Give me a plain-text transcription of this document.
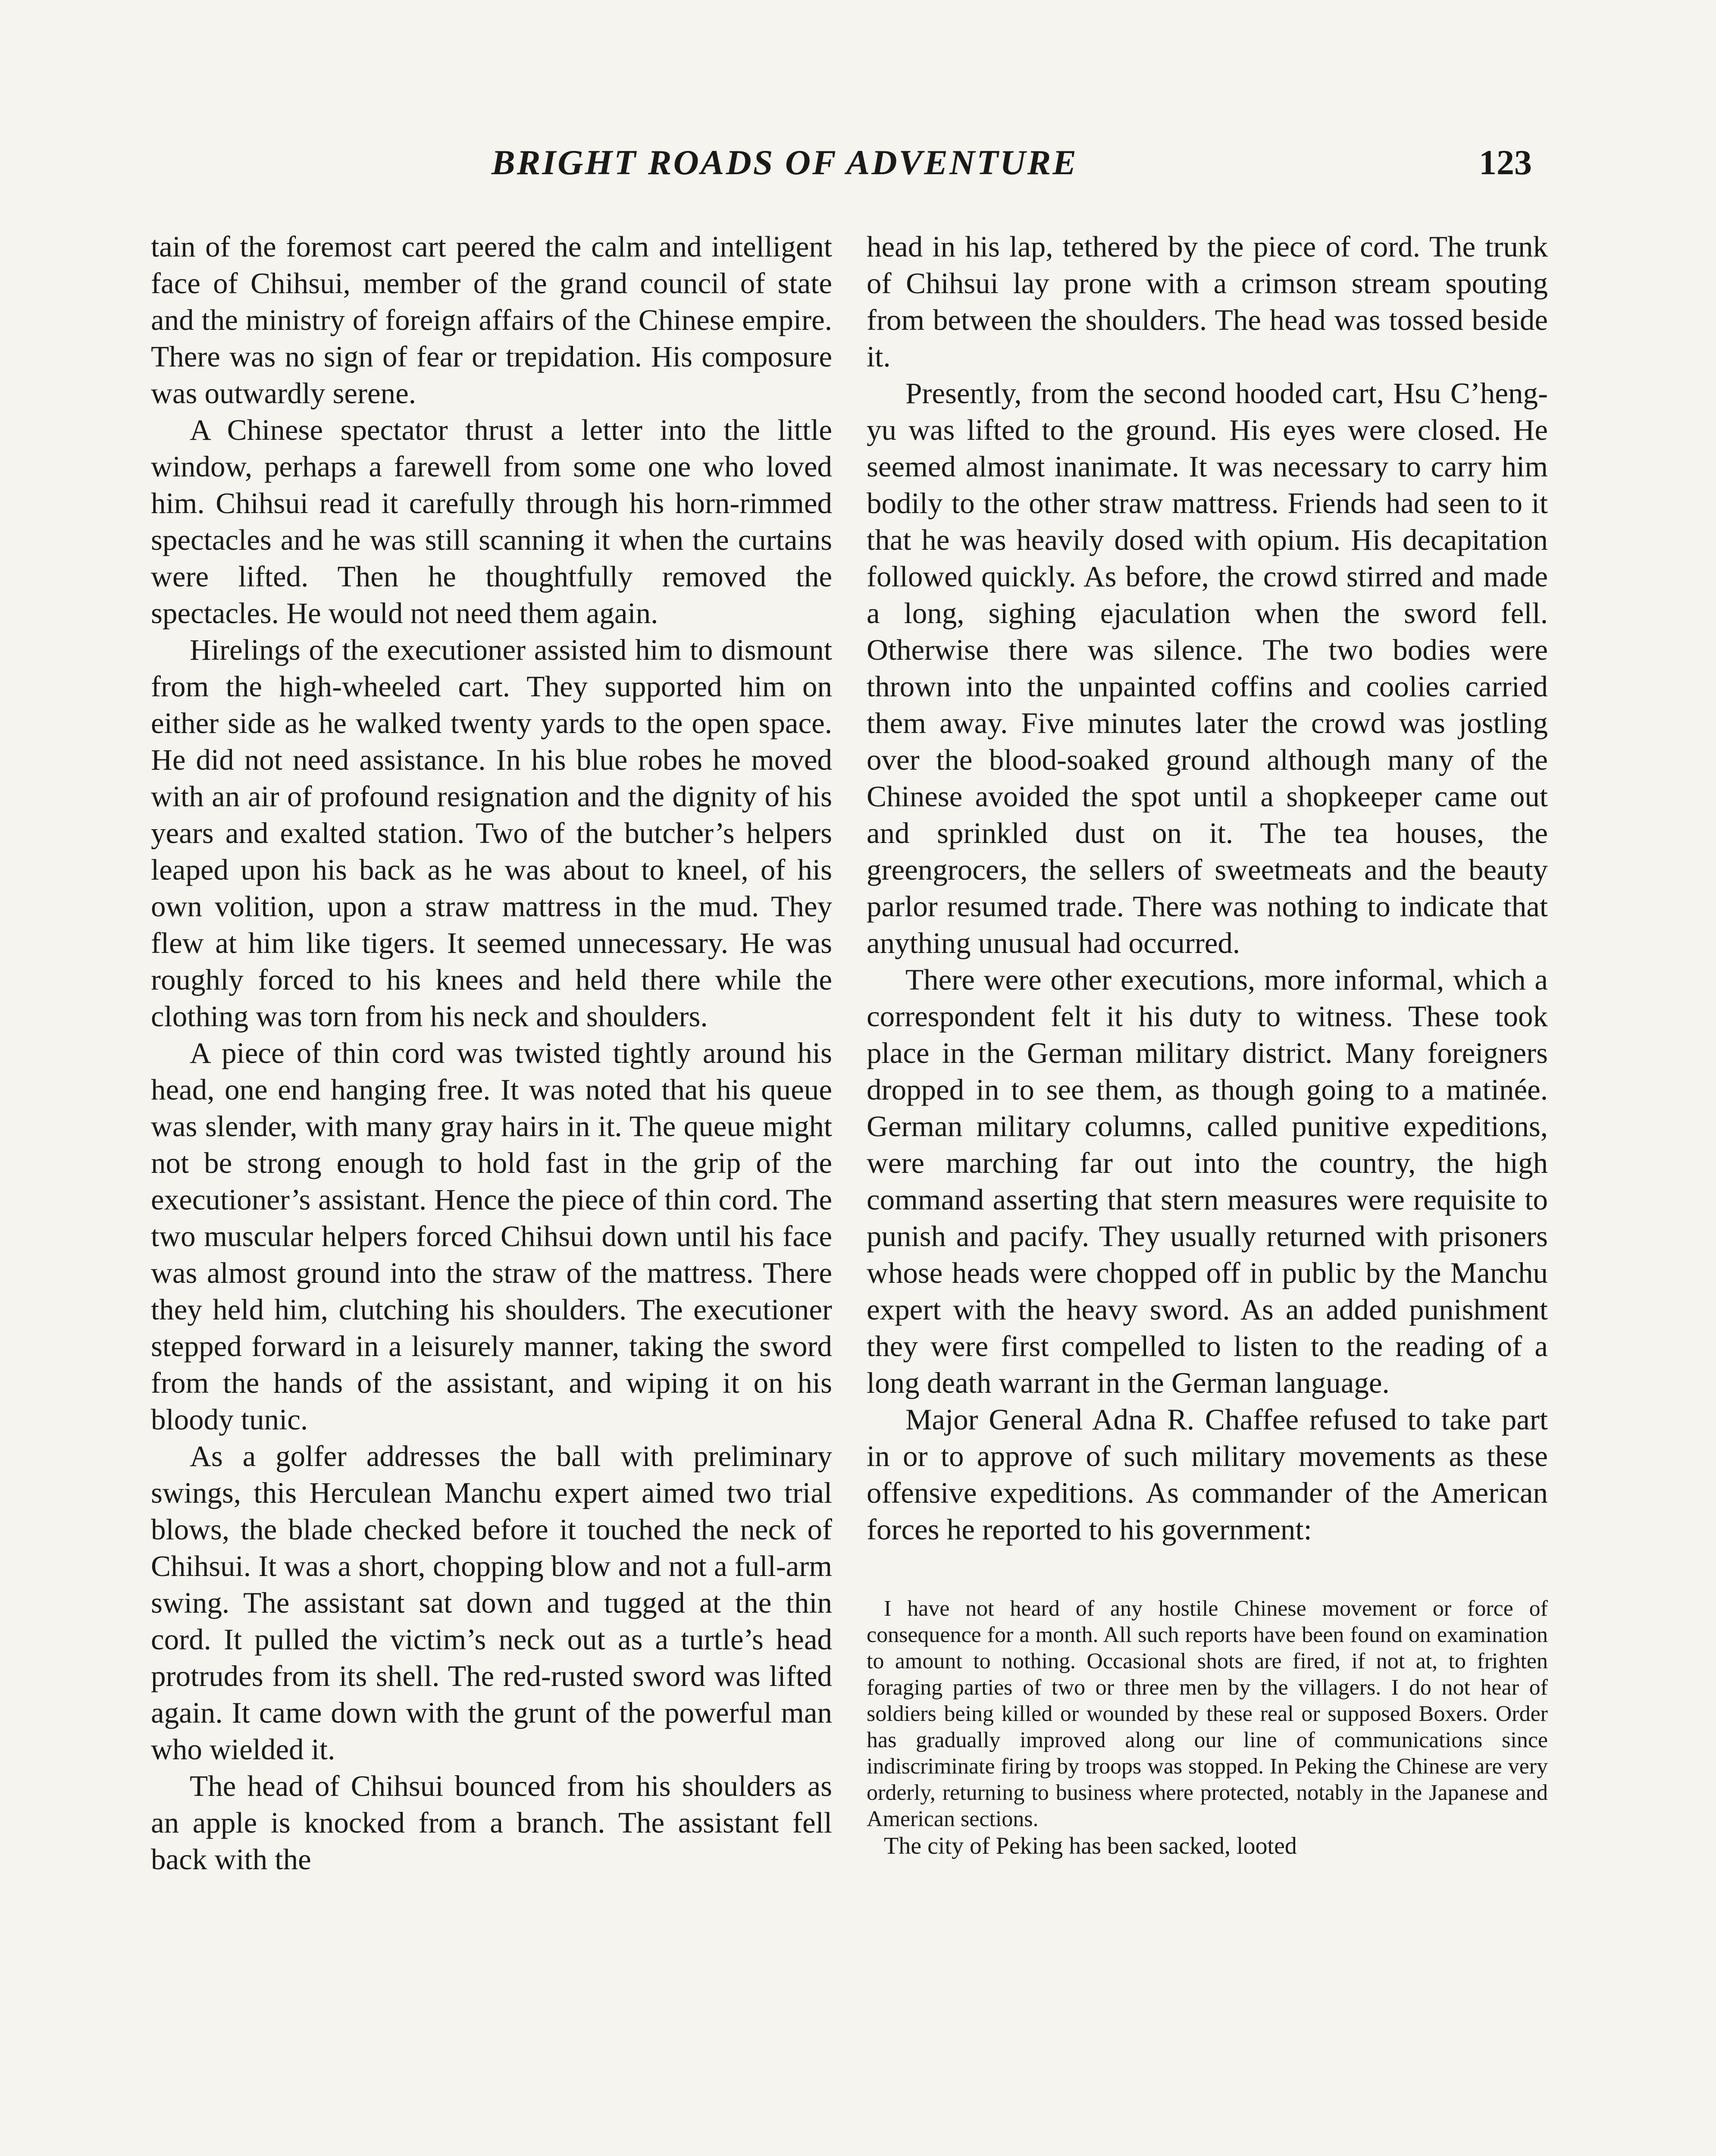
BRIGHT ROADS OF ADVENTURE	123

tain of the foremost cart peered the calm and intelligent face of Chihsui, member of the grand council of state and the ministry of foreign affairs of the Chinese empire. There was no sign of fear or trepidation. His composure was outwardly serene.

A Chinese spectator thrust a letter into the little window, perhaps a farewell from some one who loved him. Chihsui read it carefully through his horn-rimmed spectacles and he was still scanning it when the curtains were lifted. Then he thoughtfully removed the spectacles. He would not need them again.

Hirelings of the executioner assisted him to dismount from the high-wheeled cart. They supported him on either side as he walked twenty yards to the open space. He did not need assistance. In his blue robes he moved with an air of profound resignation and the dignity of his years and exalted station. Two of the butcher’s helpers leaped upon his back as he was about to kneel, of his own volition, upon a straw mattress in the mud. They flew at him like tigers. It seemed unnecessary. He was roughly forced to his knees and held there while the clothing was torn from his neck and shoulders.

A piece of thin cord was twisted tightly around his head, one end hanging free. It was noted that his queue was slender, with many gray hairs in it. The queue might not be strong enough to hold fast in the grip of the executioner’s assistant. Hence the piece of thin cord. The two muscular helpers forced Chihsui down until his face was almost ground into the straw of the mattress. There they held him, clutching his shoulders. The executioner stepped forward in a leisurely manner, taking the sword from the hands of the assistant, and wiping it on his bloody tunic.

As a golfer addresses the ball with preliminary swings, this Herculean Manchu expert aimed two trial blows, the blade checked before it touched the neck of Chihsui. It was a short, chopping blow and not a full-arm swing. The assistant sat down and tugged at the thin cord. It pulled the victim’s neck out as a turtle’s head protrudes from its shell. The red-rusted sword was lifted again. It came down with the grunt of the powerful man who wielded it.

The head of Chihsui bounced from his shoulders as an apple is knocked from a branch. The assistant fell back with the

head in his lap, tethered by the piece of cord. The trunk of Chihsui lay prone with a crimson stream spouting from between the shoulders. The head was tossed beside it.

Presently, from the second hooded cart, Hsu C’heng-yu was lifted to the ground. His eyes were closed. He seemed almost inanimate. It was necessary to carry him bodily to the other straw mattress. Friends had seen to it that he was heavily dosed with opium. His decapitation followed quickly. As before, the crowd stirred and made a long, sighing ejaculation when the sword fell. Otherwise there was silence. The two bodies were thrown into the unpainted coffins and coolies carried them away. Five minutes later the crowd was jostling over the blood-soaked ground although many of the Chinese avoided the spot until a shopkeeper came out and sprinkled dust on it. The tea houses, the greengrocers, the sellers of sweetmeats and the beauty parlor resumed trade. There was nothing to indicate that anything unusual had occurred.

There were other executions, more informal, which a correspondent felt it his duty to witness. These took place in the German military district. Many foreigners dropped in to see them, as though going to a matinée. German military columns, called punitive expeditions, were marching far out into the country, the high command asserting that stern measures were requisite to punish and pacify. They usually returned with prisoners whose heads were chopped off in public by the Manchu expert with the heavy sword. As an added punishment they were first compelled to listen to the reading of a long death warrant in the German language.

Major General Adna R. Chaffee refused to take part in or to approve of such military movements as these offensive expeditions. As commander of the American forces he reported to his government:

I have not heard of any hostile Chinese movement or force of consequence for a month. All such reports have been found on examination to amount to nothing. Occasional shots are fired, if not at, to frighten foraging parties of two or three men by the villagers. I do not hear of soldiers being killed or wounded by these real or supposed Boxers. Order has gradually improved along our line of communications since indiscriminate firing by troops was stopped. In Peking the Chinese are very orderly, returning to business where protected, notably in the Japanese and American sections.

The city of Peking has been sacked, looted
